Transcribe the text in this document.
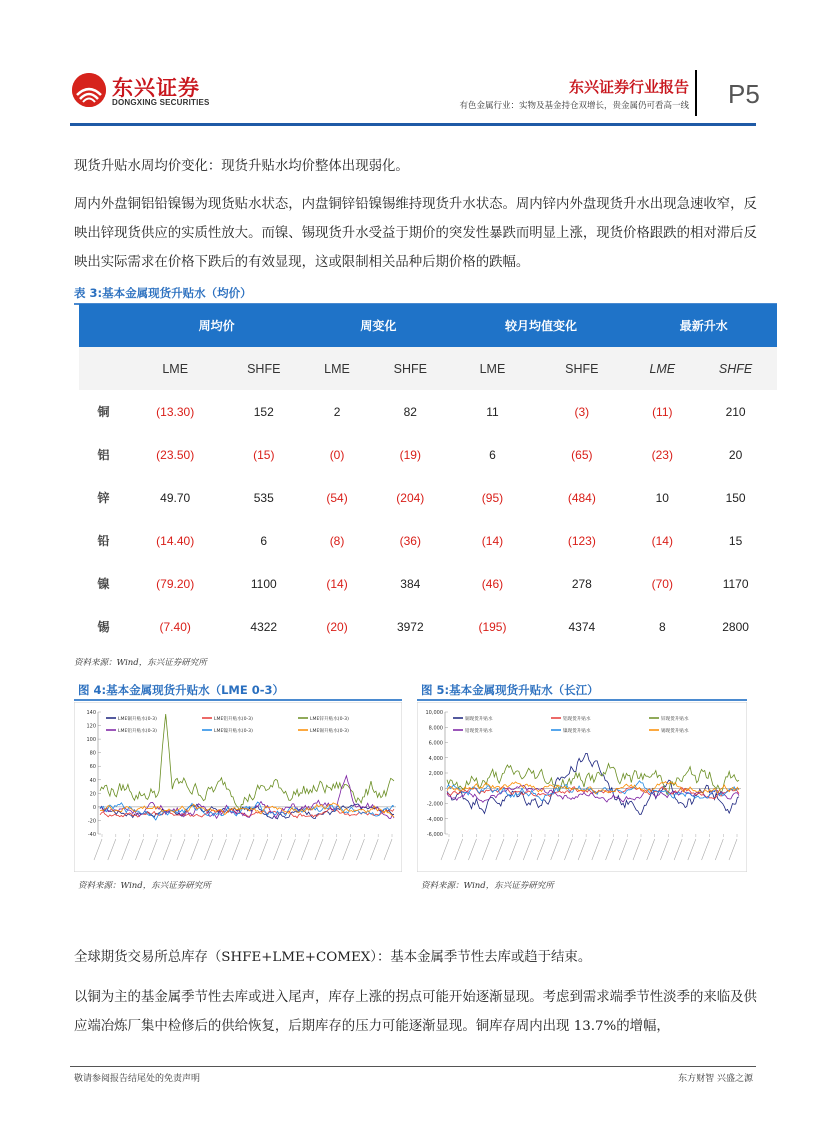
东兴证券
DONGXING SECURITIES
东兴证券行业报告
有色金属行业：实物及基金持仓双增长，贵金属仍可看高一线 P5
现货升贴水周均价变化：现货升贴水均价整体出现弱化。
周内外盘铜铝铅镍锡为现货贴水状态，内盘铜锌铅镍锡维持现货升水状态。周内锌内外盘现货升水出现急速收窄，反映出锌现货供应的实质性放大。而镍、锡现货升水受益于期价的突发性暴跌而明显上涨，现货价格跟跌的相对滞后反映出实际需求在价格下跌后的有效显现，这或限制相关品种后期价格的跌幅。
表 3:基本金属现货升贴水（均价）
	周均价		周变化		较月均值变化		最新升水	
	LME	SHFE	LME	SHFE	LME	SHFE	LME	SHFE
铜	(13.30)	152	2	82	11	(3)	(11)	210
铝	(23.50)	(15)	(0)	(19)	6	(65)	(23)	20
锌	49.70	535	(54)	(204)	(95)	(484)	10	150
铅	(14.40)	6	(8)	(36)	(14)	(123)	(14)	15
镍	(79.20)	1100	(14)	384	(46)	278	(70)	1170
锡	(7.40)	4322	(20)	3972	(195)	4374	8	2800
资料来源：Wind，东兴证券研究所
图 4:基本金属现货升贴水（LME 0-3）
140
120
100
80
60
40
20
0
-20
-40
LME铜升贴水(0-3)	LME铝升贴水(0-3)	LME锌升贴水(0-3)
LME铅升贴水(0-3)	LME镍升贴水(0-3)	LME锡升贴水(0-3)
资料来源：Wind，东兴证券研究所
图 5:基本金属现货升贴水（长江）
10,000
8,000
6,000
4,000
2,000
0
-2,000
-4,000
-6,000
铜现货升贴水	铝现货升贴水	锌现货升贴水
铅现货升贴水	镍现货升贴水	锡现货升贴水
资料来源：Wind，东兴证券研究所
全球期货交易所总库存（SHFE+LME+COMEX）：基本金属季节性去库或趋于结束。
以铜为主的基金属季节性去库或进入尾声，库存上涨的拐点可能开始逐渐显现。考虑到需求端季节性淡季的来临及供应端冶炼厂集中检修后的供给恢复，后期库存的压力可能逐渐显现。铜库存周内出现 13.7%的增幅，
敬请参阅报告结尾处的免责声明	东方财智 兴盛之源
